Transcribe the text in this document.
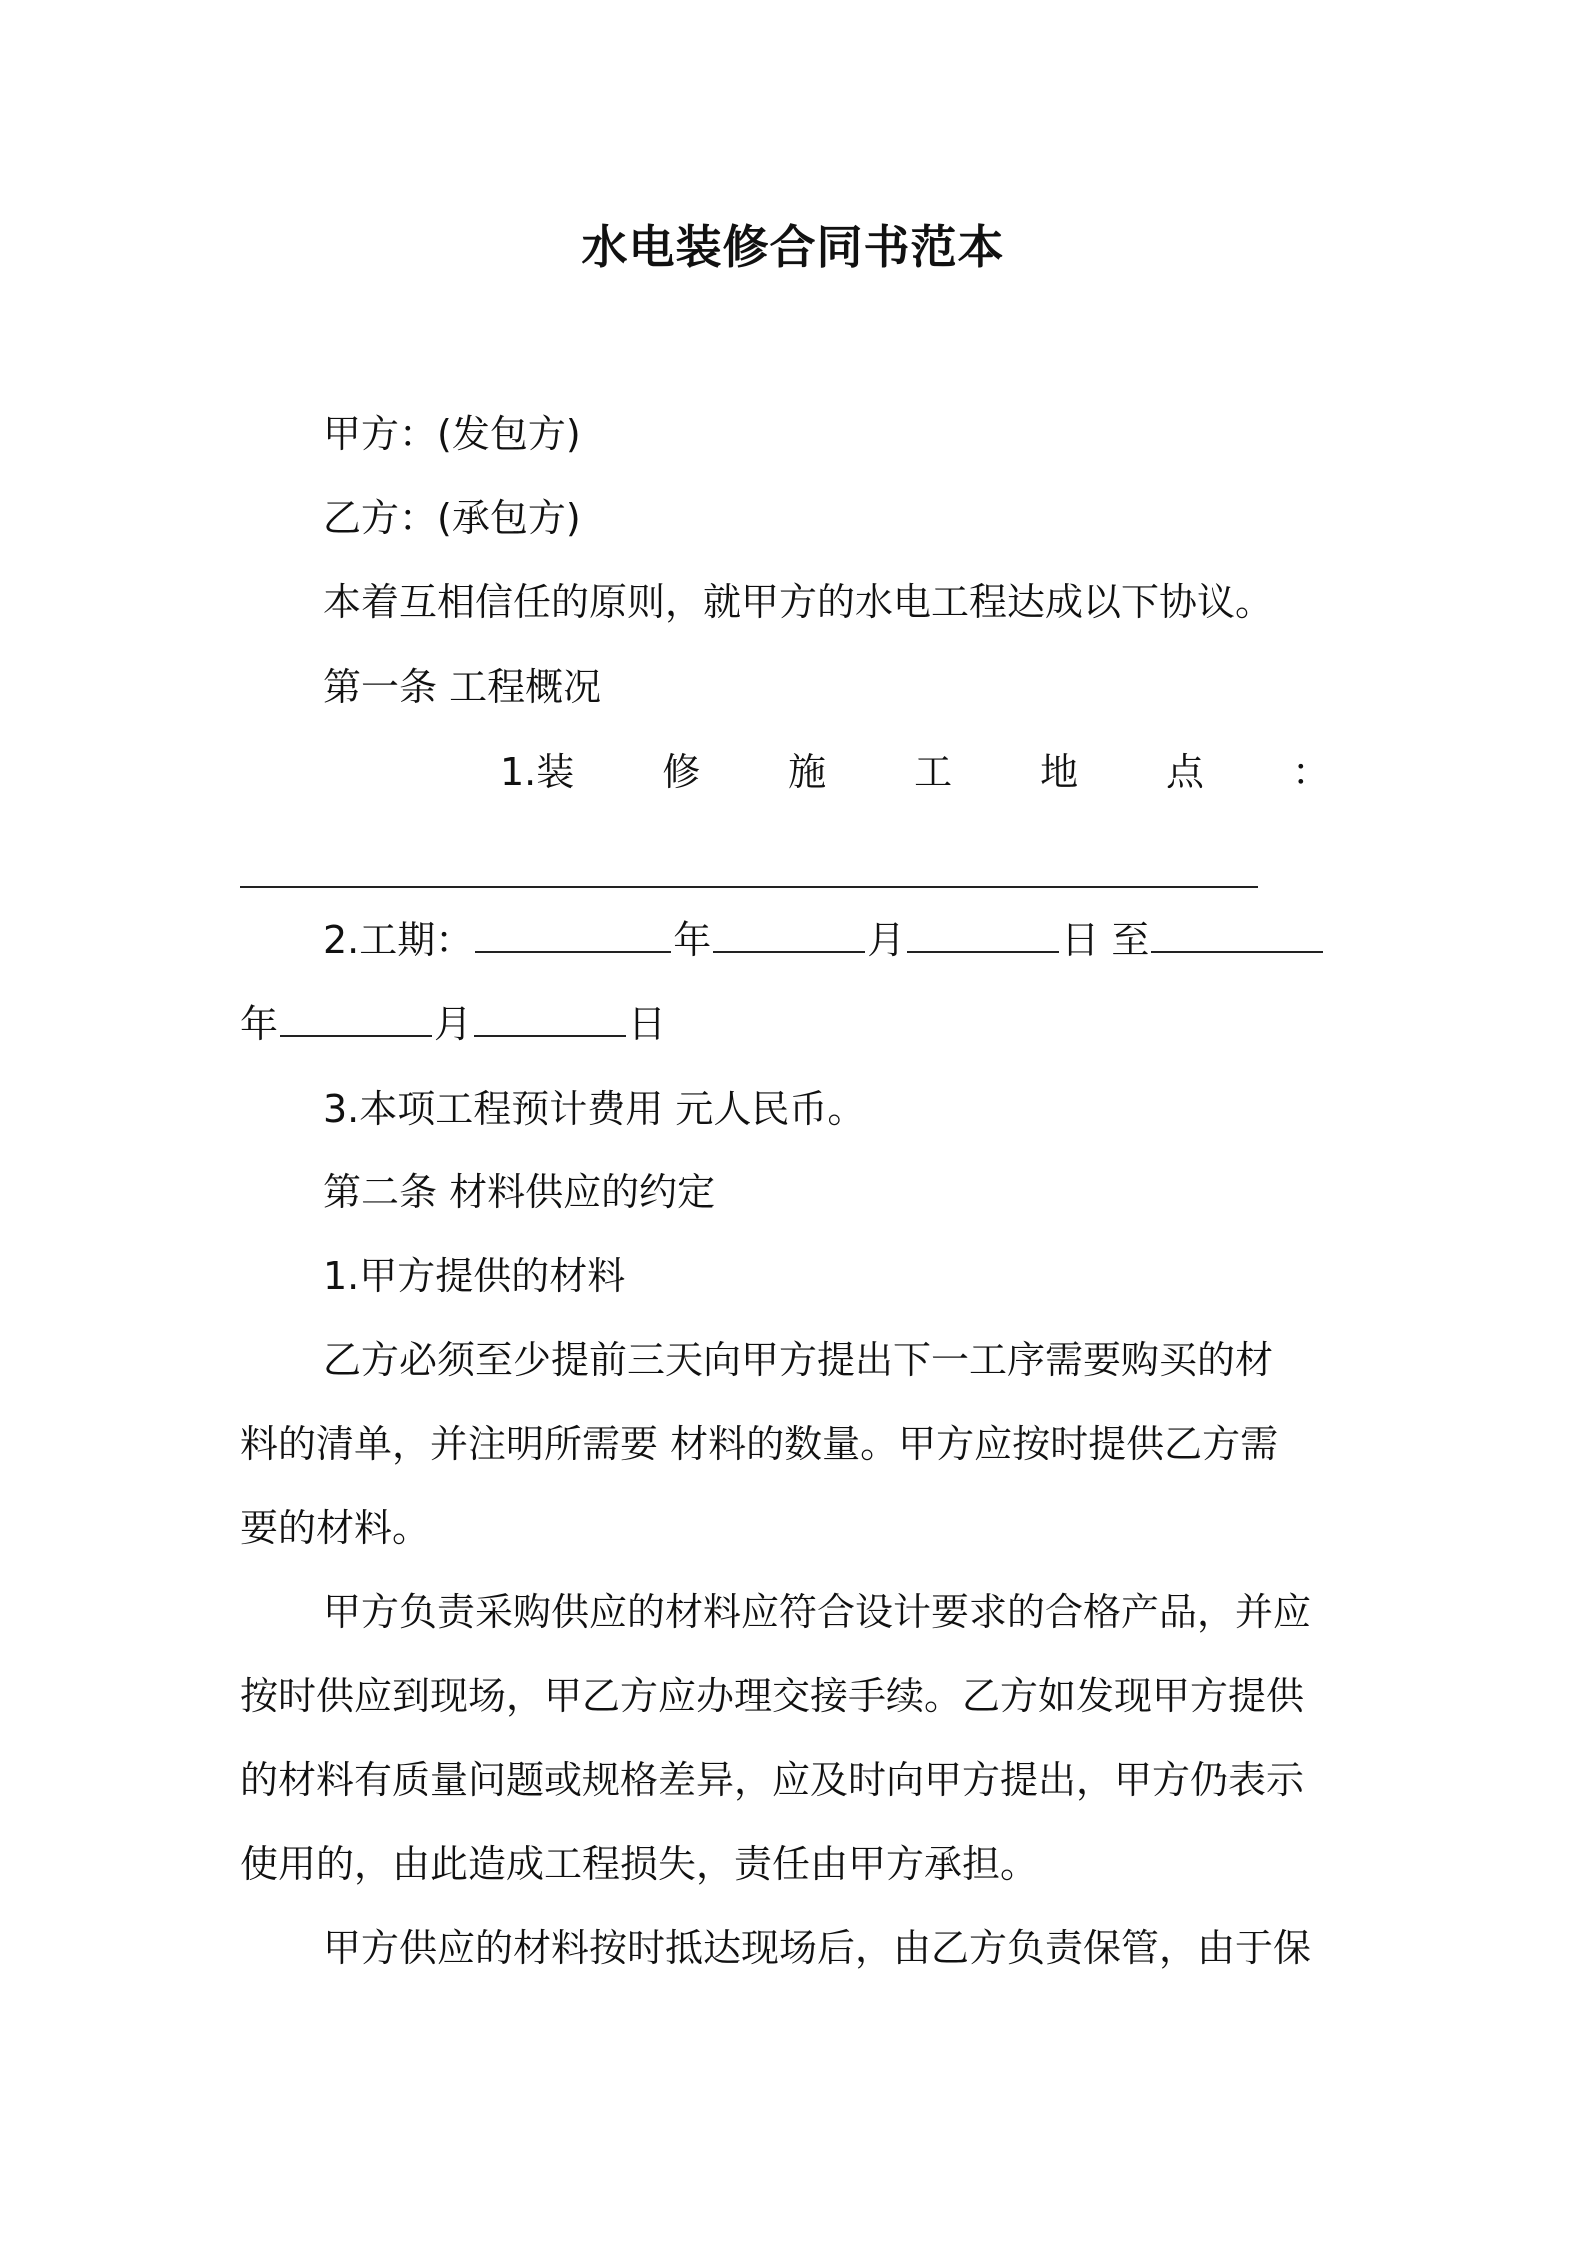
水电装修合同书范本
甲方：(发包方)
乙方：(承包方)
本着互相信任的原则，就甲方的水电工程达成以下协议。
第一条 工程概况
1.装 修 施 工 地 点 ：
2.工期：	年	月	日 至
年	月	日
3.本项工程预计费用 元人民币。
第二条 材料供应的约定
1.甲方提供的材料
乙方必须至少提前三天向甲方提出下一工序需要购买的材
料的清单，并注明所需要 材料的数量。甲方应按时提供乙方需
要的材料。
甲方负责采购供应的材料应符合设计要求的合格产品，并应
按时供应到现场，甲乙方应办理交接手续。乙方如发现甲方提供
的材料有质量问题或规格差异，应及时向甲方提出，甲方仍表示
使用的，由此造成工程损失，责任由甲方承担。
甲方供应的材料按时抵达现场后，由乙方负责保管，由于保
